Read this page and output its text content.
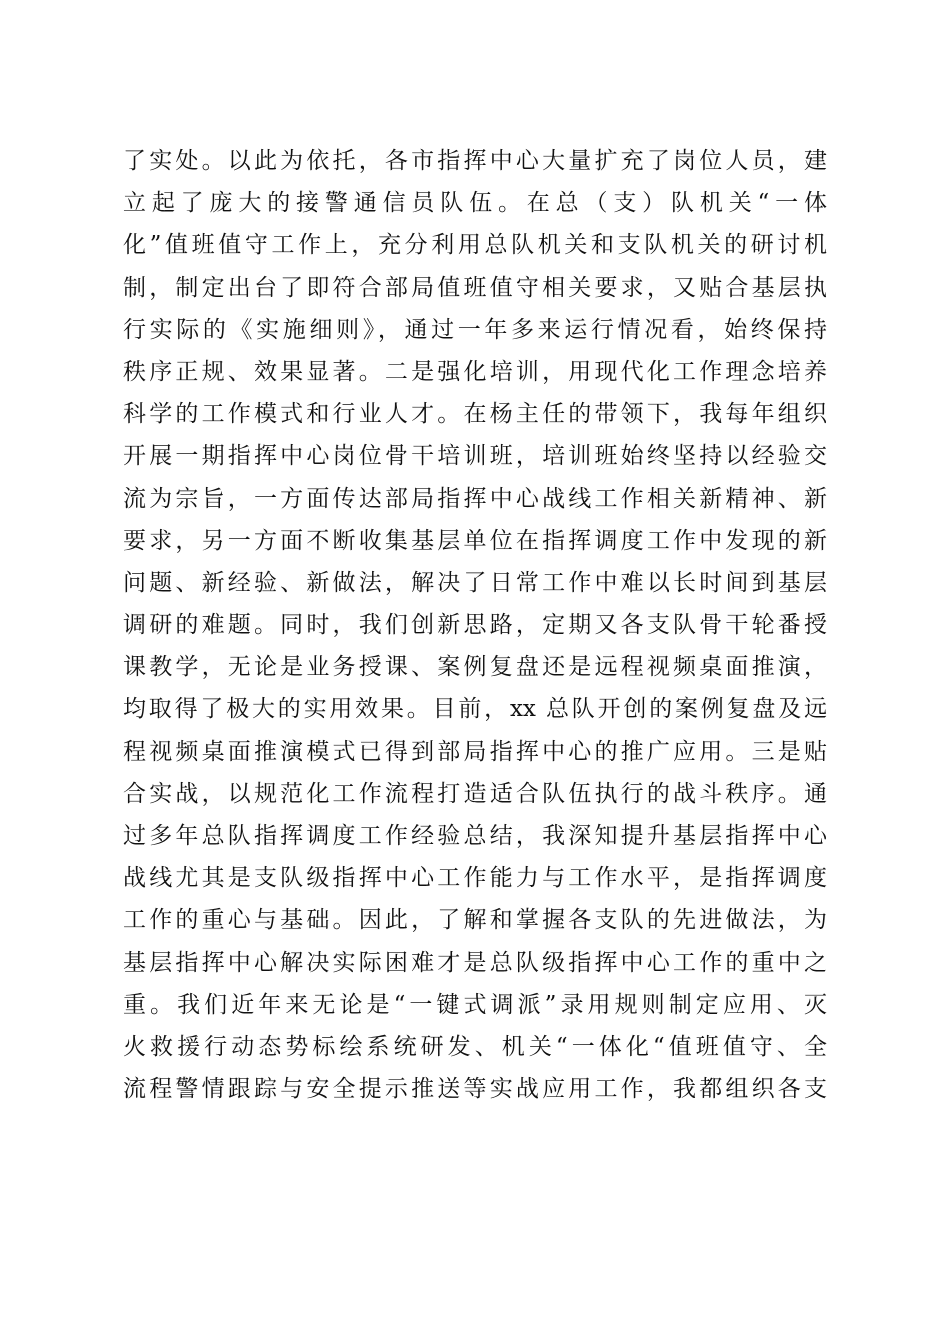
了实处。以此为依托，各市指挥中心大量扩充了岗位人员，建
立起了庞大的接警通信员队伍。在总（支）队机关“一体
化”值班值守工作上，充分利用总队机关和支队机关的研讨机
制，制定出台了即符合部局值班值守相关要求，又贴合基层执
行实际的《实施细则》，通过一年多来运行情况看，始终保持
秩序正规、效果显著。二是强化培训，用现代化工作理念培养
科学的工作模式和行业人才。在杨主任的带领下，我每年组织
开展一期指挥中心岗位骨干培训班，培训班始终坚持以经验交
流为宗旨，一方面传达部局指挥中心战线工作相关新精神、新
要求，另一方面不断收集基层单位在指挥调度工作中发现的新
问题、新经验、新做法，解决了日常工作中难以长时间到基层
调研的难题。同时，我们创新思路，定期又各支队骨干轮番授
课教学，无论是业务授课、案例复盘还是远程视频桌面推演，
均取得了极大的实用效果。目前，xx 总队开创的案例复盘及远
程视频桌面推演模式已得到部局指挥中心的推广应用。三是贴
合实战，以规范化工作流程打造适合队伍执行的战斗秩序。通
过多年总队指挥调度工作经验总结，我深知提升基层指挥中心
战线尤其是支队级指挥中心工作能力与工作水平，是指挥调度
工作的重心与基础。因此，了解和掌握各支队的先进做法，为
基层指挥中心解决实际困难才是总队级指挥中心工作的重中之
重。我们近年来无论是“一键式调派”录用规则制定应用、灭
火救援行动态势标绘系统研发、机关“一体化“值班值守、全
流程警情跟踪与安全提示推送等实战应用工作，我都组织各支
